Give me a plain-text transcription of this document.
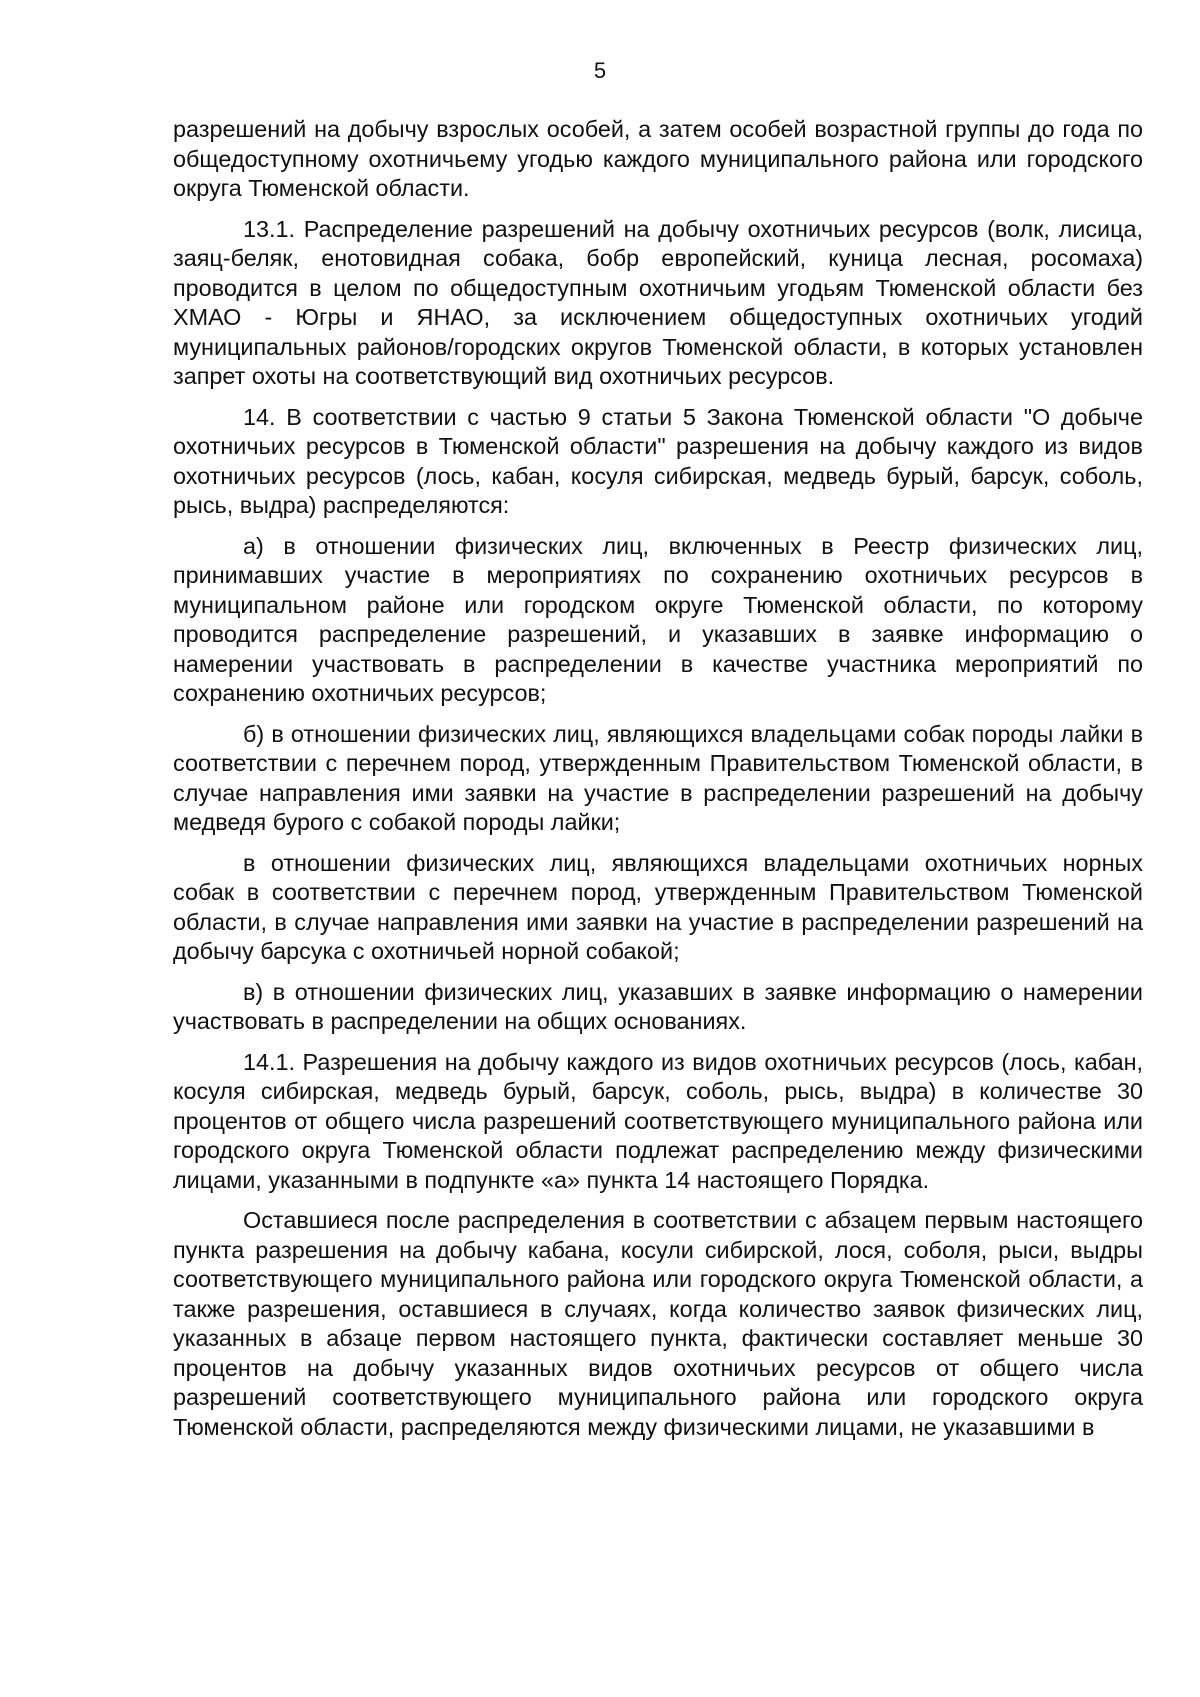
5

разрешений на добычу взрослых особей, а затем особей возрастной группы до года по общедоступному охотничьему угодью каждого муниципального района или городского округа Тюменской области.

13.1. Распределение разрешений на добычу охотничьих ресурсов (волк, лисица, заяц-беляк, енотовидная собака, бобр европейский, куница лесная, росомаха) проводится в целом по общедоступным охотничьим угодьям Тюменской области без ХМАО - Югры и ЯНАО, за исключением общедоступных охотничьих угодий муниципальных районов/городских округов Тюменской области, в которых установлен запрет охоты на соответствующий вид охотничьих ресурсов.

14. В соответствии с частью 9 статьи 5 Закона Тюменской области "О добыче охотничьих ресурсов в Тюменской области" разрешения на добычу каждого из видов охотничьих ресурсов (лось, кабан, косуля сибирская, медведь бурый, барсук, соболь, рысь, выдра) распределяются:

а) в отношении физических лиц, включенных в Реестр физических лиц, принимавших участие в мероприятиях по сохранению охотничьих ресурсов в муниципальном районе или городском округе Тюменской области, по которому проводится распределение разрешений, и указавших в заявке информацию о намерении участвовать в распределении в качестве участника мероприятий по сохранению охотничьих ресурсов;

б) в отношении физических лиц, являющихся владельцами собак породы лайки в соответствии с перечнем пород, утвержденным Правительством Тюменской области, в случае направления ими заявки на участие в распределении разрешений на добычу медведя бурого с собакой породы лайки;

в отношении физических лиц, являющихся владельцами охотничьих норных собак в соответствии с перечнем пород, утвержденным Правительством Тюменской области, в случае направления ими заявки на участие в распределении разрешений на добычу барсука с охотничьей норной собакой;

в) в отношении физических лиц, указавших в заявке информацию о намерении участвовать в распределении на общих основаниях.

14.1. Разрешения на добычу каждого из видов охотничьих ресурсов (лось, кабан, косуля сибирская, медведь бурый, барсук, соболь, рысь, выдра) в количестве 30 процентов от общего числа разрешений соответствующего муниципального района или городского округа Тюменской области подлежат распределению между физическими лицами, указанными в подпункте «а» пункта 14 настоящего Порядка.

Оставшиеся после распределения в соответствии с абзацем первым настоящего пункта разрешения на добычу кабана, косули сибирской, лося, соболя, рыси, выдры соответствующего муниципального района или городского округа Тюменской области, а также разрешения, оставшиеся в случаях, когда количество заявок физических лиц, указанных в абзаце первом настоящего пункта, фактически составляет меньше 30 процентов на добычу указанных видов охотничьих ресурсов от общего числа разрешений соответствующего муниципального района или городского округа Тюменской области, распределяются между физическими лицами, не указавшими в
